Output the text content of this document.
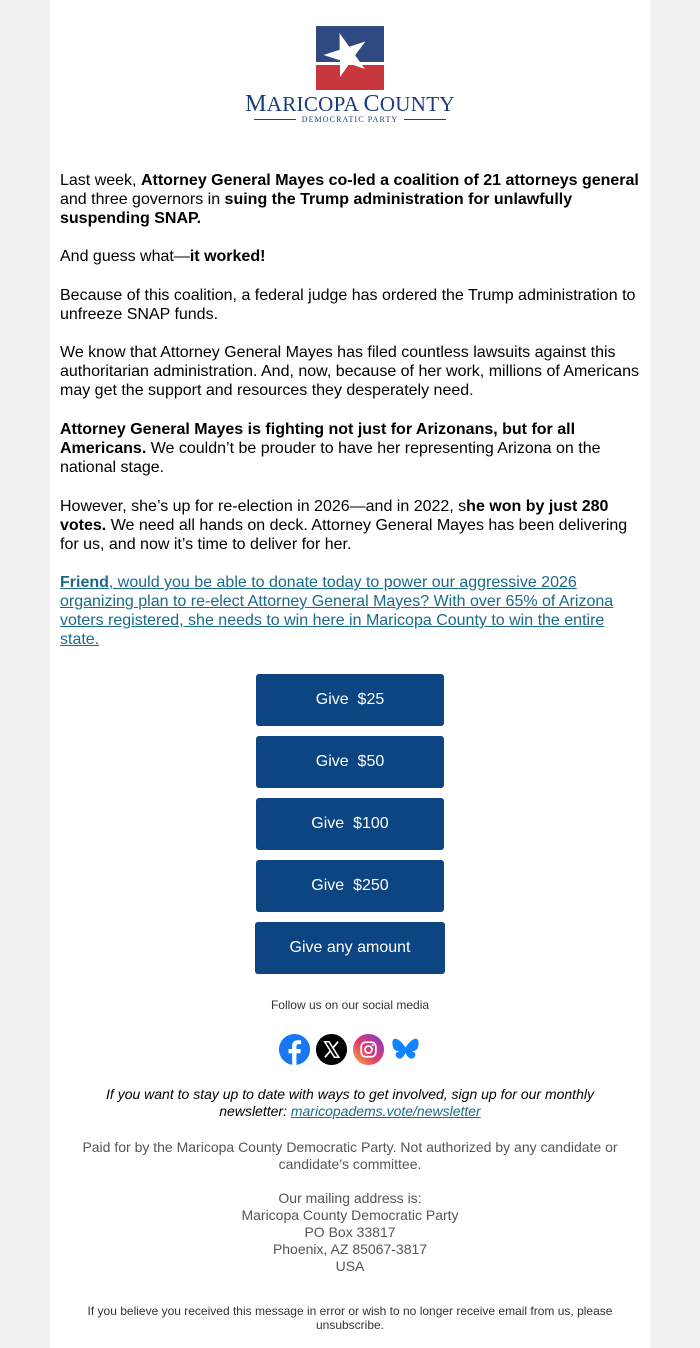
MARICOPA COUNTY
DEMOCRATIC PARTY

Last week, Attorney General Mayes co-led a coalition of 21 attorneys general and three governors in suing the Trump administration for unlawfully suspending SNAP.

And guess what—it worked!

Because of this coalition, a federal judge has ordered the Trump administration to unfreeze SNAP funds.

We know that Attorney General Mayes has filed countless lawsuits against this authoritarian administration. And, now, because of her work, millions of Americans may get the support and resources they desperately need.

Attorney General Mayes is fighting not just for Arizonans, but for all Americans. We couldn’t be prouder to have her representing Arizona on the national stage.

However, she’s up for re-election in 2026—and in 2022, she won by just 280 votes. We need all hands on deck. Attorney General Mayes has been delivering for us, and now it’s time to deliver for her.

Friend, would you be able to donate today to power our aggressive 2026 organizing plan to re-elect Attorney General Mayes? With over 65% of Arizona voters registered, she needs to win here in Maricopa County to win the entire state.

Give  $25
Give  $50
Give  $100
Give  $250
Give any amount
Follow us on our social media
If you want to stay up to date with ways to get involved, sign up for our monthly newsletter: maricopadems.vote/newsletter
Paid for by the Maricopa County Democratic Party. Not authorized by any candidate or candidate's committee.
Our mailing address is:
Maricopa County Democratic Party
PO Box 33817
Phoenix, AZ 85067-3817
USA
If you believe you received this message in error or wish to no longer receive email from us, please unsubscribe.
